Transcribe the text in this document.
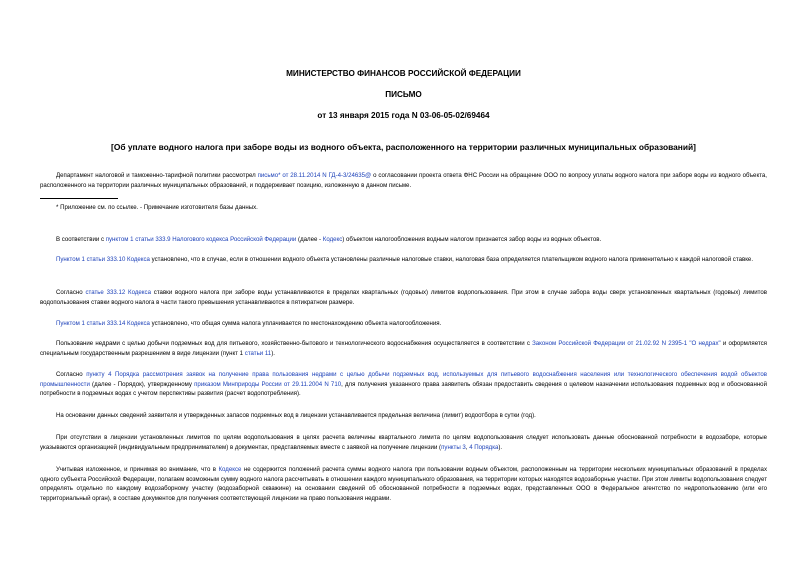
МИНИСТЕРСТВО ФИНАНСОВ РОССИЙСКОЙ ФЕДЕРАЦИИ
ПИСЬМО
от 13 января 2015 года N 03-06-05-02/69464
[Об уплате водного налога при заборе воды из водного объекта, расположенного на территории различных муниципальных образований]
Департамент налоговой и таможенно-тарифной политики рассмотрел письмо* от 28.11.2014 N ГД-4-3/24635@ о согласовании проекта ответа ФНС России на обращение ООО по вопросу уплаты водного налога при заборе воды из водного объекта, расположенного на территории различных муниципальных образований, и поддерживает позицию, изложенную в данном письме.
* Приложение см. по ссылке. - Примечание изготовителя базы данных.
В соответствии с пунктом 1 статьи 333.9 Налогового кодекса Российской Федерации (далее - Кодекс) объектом налогообложения водным налогом признается забор воды из водных объектов.
Пунктом 1 статьи 333.10 Кодекса установлено, что в случае, если в отношении водного объекта установлены различные налоговые ставки, налоговая база определяется плательщиком водного налога применительно к каждой налоговой ставке.
Согласно статье 333.12 Кодекса ставки водного налога при заборе воды устанавливаются в пределах квартальных (годовых) лимитов водопользования. При этом в случае забора воды сверх установленных квартальных (годовых) лимитов водопользования ставки водного налога в части такого превышения устанавливаются в пятикратном размере.
Пунктом 1 статьи 333.14 Кодекса установлено, что общая сумма налога уплачивается по местонахождению объекта налогообложения.
Пользование недрами с целью добычи подземных вод для питьевого, хозяйственно-бытового и технологического водоснабжения осуществляется в соответствии с Законом Российской Федерации от 21.02.92 N 2395-1 "О недрах" и оформляется специальным государственным разрешением в виде лицензии (пункт 1 статьи 11).
Согласно пункту 4 Порядка рассмотрения заявок на получение права пользования недрами с целью добычи подземных вод, используемых для питьевого водоснабжения населения или технологического обеспечения водой объектов промышленности (далее - Порядок), утвержденному приказом Минприроды России от 29.11.2004 N 710, для получения указанного права заявитель обязан предоставить сведения о целевом назначении использования подземных вод и обоснованной потребности в подземных водах с учетом перспективы развития (расчет водопотребления).
На основании данных сведений заявителя и утвержденных запасов подземных вод в лицензии устанавливается предельная величина (лимит) водоотбора в сутки (год).
При отсутствии в лицензии установленных лимитов по целям водопользования в целях расчета величины квартального лимита по целям водопользования следует использовать данные обоснованной потребности в водозаборе, которые указываются организацией (индивидуальным предпринимателем) в документах, представляемых вместе с заявкой на получение лицензии (пункты 3, 4 Порядка).
Учитывая изложенное, и принимая во внимание, что в Кодексе не содержится положений расчета суммы водного налога при пользовании водным объектом, расположенным на территории нескольких муниципальных образований в пределах одного субъекта Российской Федерации, полагаем возможным сумму водного налога рассчитывать в отношении каждого муниципального образования, на территории которых находятся водозаборные участки. При этом лимиты водопользования следует определять отдельно по каждому водозаборному участку (водозаборной скважине) на основании сведений об обоснованной потребности в подземных водах, представленных ООО в Федеральное агентство по недропользованию (или его территориальный орган), в составе документов для получения соответствующей лицензии на право пользования недрами.
